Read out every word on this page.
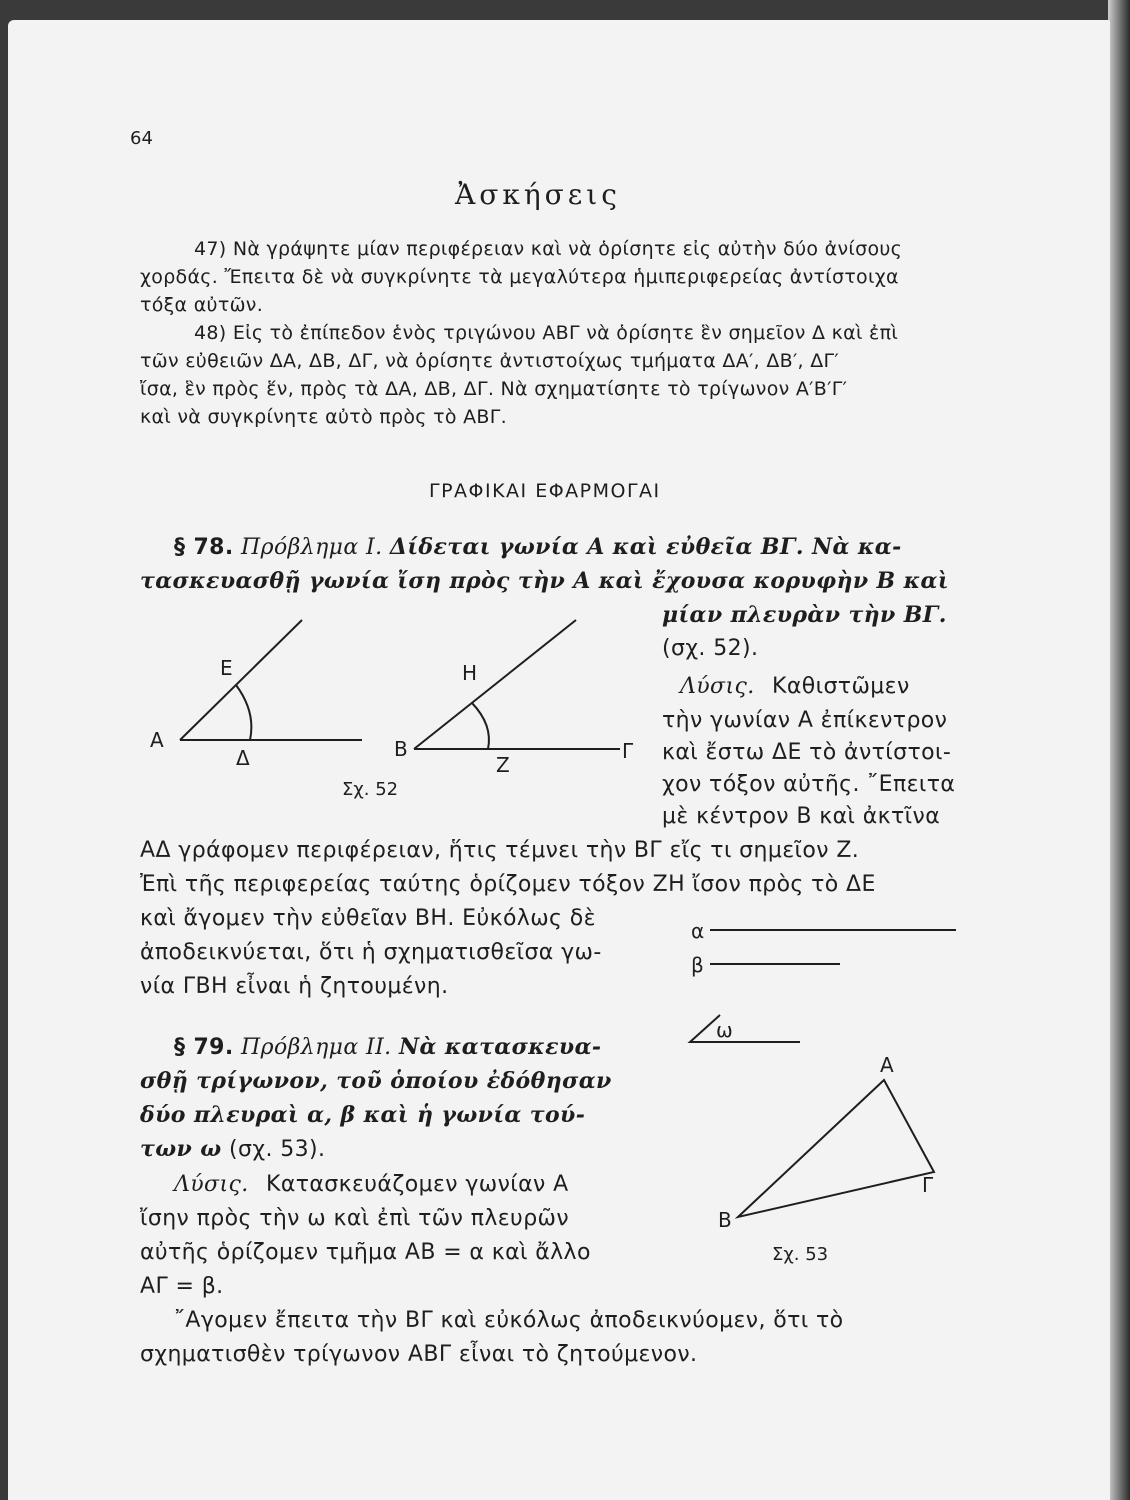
64
Ἀσκήσεις
47) Νὰ γράψητε μίαν περιφέρειαν καὶ νὰ ὁρίσητε εἰς αὐτὴν δύο ἀνίσους
χορδάς. Ἔπειτα δὲ νὰ συγκρίνητε τὰ μεγαλύτερα ἡμιπεριφερείας ἀντίστοιχα
τόξα αὐτῶν.
48) Εἰς τὸ ἐπίπεδον ἑνὸς τριγώνου ΑΒΓ νὰ ὁρίσητε ἓν σημεῖον Δ καὶ ἐπὶ
τῶν εὐθειῶν ΔΑ, ΔΒ, ΔΓ, νὰ ὁρίσητε ἀντιστοίχως τμήματα ΔΑ′, ΔΒ′, ΔΓ′
ἴσα, ἓν πρὸς ἕν, πρὸς τὰ ΔΑ, ΔΒ, ΔΓ. Νὰ σχηματίσητε τὸ τρίγωνον Α′Β′Γ′
καὶ νὰ συγκρίνητε αὐτὸ πρὸς τὸ ΑΒΓ.
ΓΡΑΦΙΚΑΙ ΕΦΑΡΜΟΓΑΙ
§ 78. Πρόβλημα Ι. Δίδεται γωνία Α καὶ εὐθεῖα ΒΓ. Νὰ κα-
τασκευασθῇ γωνία ἴση πρὸς τὴν Α καὶ ἔχουσα κορυφὴν Β καὶ
μίαν πλευρὰν τὴν ΒΓ.
(σχ. 52).
Λύσις. Καθιστῶμεν
τὴν γωνίαν Α ἐπίκεντρον
καὶ ἔστω ΔΕ τὸ ἀντίστοι-
χον τόξον αὐτῆς. ῎Επειτα
μὲ κέντρον Β καὶ ἀκτῖνα
ΑΔ γράφομεν περιφέρειαν, ἥτις τέμνει τὴν ΒΓ εἴς τι σημεῖον Ζ.
Ἐπὶ τῆς περιφερείας ταύτης ὁρίζομεν τόξον ΖΗ ἴσον πρὸς τὸ ΔΕ
καὶ ἄγομεν τὴν εὐθεῖαν ΒΗ. Εὐκόλως δὲ
ἀποδεικνύεται, ὅτι ἡ σχηματισθεῖσα γω-
νία ΓΒΗ εἶναι ἡ ζητουμένη.
Ε
Α
Δ
Η
Β
Ζ
Γ
Σχ. 52
§ 79. Πρόβλημα ΙΙ. Νὰ κατασκευα-
σθῇ τρίγωνον, τοῦ ὁποίου ἐδόθησαν
δύο πλευραὶ α, β καὶ ἡ γωνία τού-
των ω (σχ. 53).
Λύσις. Κατασκευάζομεν γωνίαν Α
ἴσην πρὸς τὴν ω καὶ ἐπὶ τῶν πλευρῶν
αὐτῆς ὁρίζομεν τμῆμα ΑΒ = α καὶ ἄλλο
ΑΓ = β.
῎Αγομεν ἔπειτα τὴν ΒΓ καὶ εὐκόλως ἀποδεικνύομεν, ὅτι τὸ
σχηματισθὲν τρίγωνον ΑΒΓ εἶναι τὸ ζητούμενον.
α
β
ω
Α
Β
Γ
Σχ. 53
